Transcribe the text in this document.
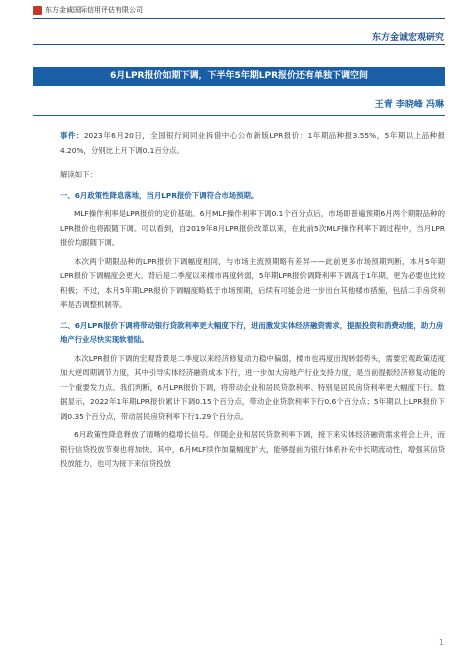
东方金诚国际信用评估有限公司
东方金诚宏观研究
6月LPR报价如期下调，下半年5年期LPR报价还有单独下调空间
王青 李晓峰 冯琳

事件：2023年6月20日，全国银行间同业拆借中心公布新版LPR报价：1年期品种报3.55%，5年期以上品种报4.20%，分别比上月下调0.1百分点。

解读如下：

一、6月政策性降息落地，当月LPR报价下调符合市场预期。

MLF操作利率是LPR报价的定价基础。6月MLF操作利率下调0.1个百分点后，市场即普遍预期6月两个期限品种的LPR报价也将跟随下调。可以看到，自2019年8月LPR报价改革以来，在此前5次MLF操作利率下调过程中，当月LPR报价均跟随下调。

本次两个期限品种的LPR报价下调幅度相同，与市场主流预期略有差异——此前更多市场预期判断，本月5年期LPR报价下调幅度会更大。背后是二季度以来楼市再度转弱，5年期LPR报价调降利率下调高于1年期，更为必要也比较积极；不过，本月5年期LPR报价下调幅度略低于市场预期，后续有可能会进一步出台其他楼市措施，包括二手房贷利率是否调整机制等。

二、6月LPR报价下调将带动银行贷款利率更大幅度下行，进而激发实体经济融资需求，提振投资和消费动能，助力房地产行业尽快实现软着陆。

本次LPR报价下调的宏观背景是二季度以来经济修复动力稳中偏弱，楼市也再度出现转弱势头，需要宏观政策适度加大逆周期调节力度，其中引导实体经济融资成本下行，进一步加大房地产行业支持力度，是当前提振经济修复动能的一个重要发力点。我们判断，6月LPR报价下调，将带动企业和居民贷款利率、特别是居民房贷利率更大幅度下行。数据显示，2022年1年期LPR报价累计下调0.15个百分点，带动企业贷款利率下行0.6个百分点；5年期以上LPR报价下调0.35个百分点，带动居民房贷利率下行1.29个百分点。

6月政策性降息释放了清晰的稳增长信号。伴随企业和居民贷款利率下调，接下来实体经济融资需求将会上升，而银行信贷投放节奏也将加快。其中，6月MLF续作加量幅度扩大，能够提前为银行体系补充中长期流动性，增强其信贷投放能力，也可为接下来信贷投放

1
